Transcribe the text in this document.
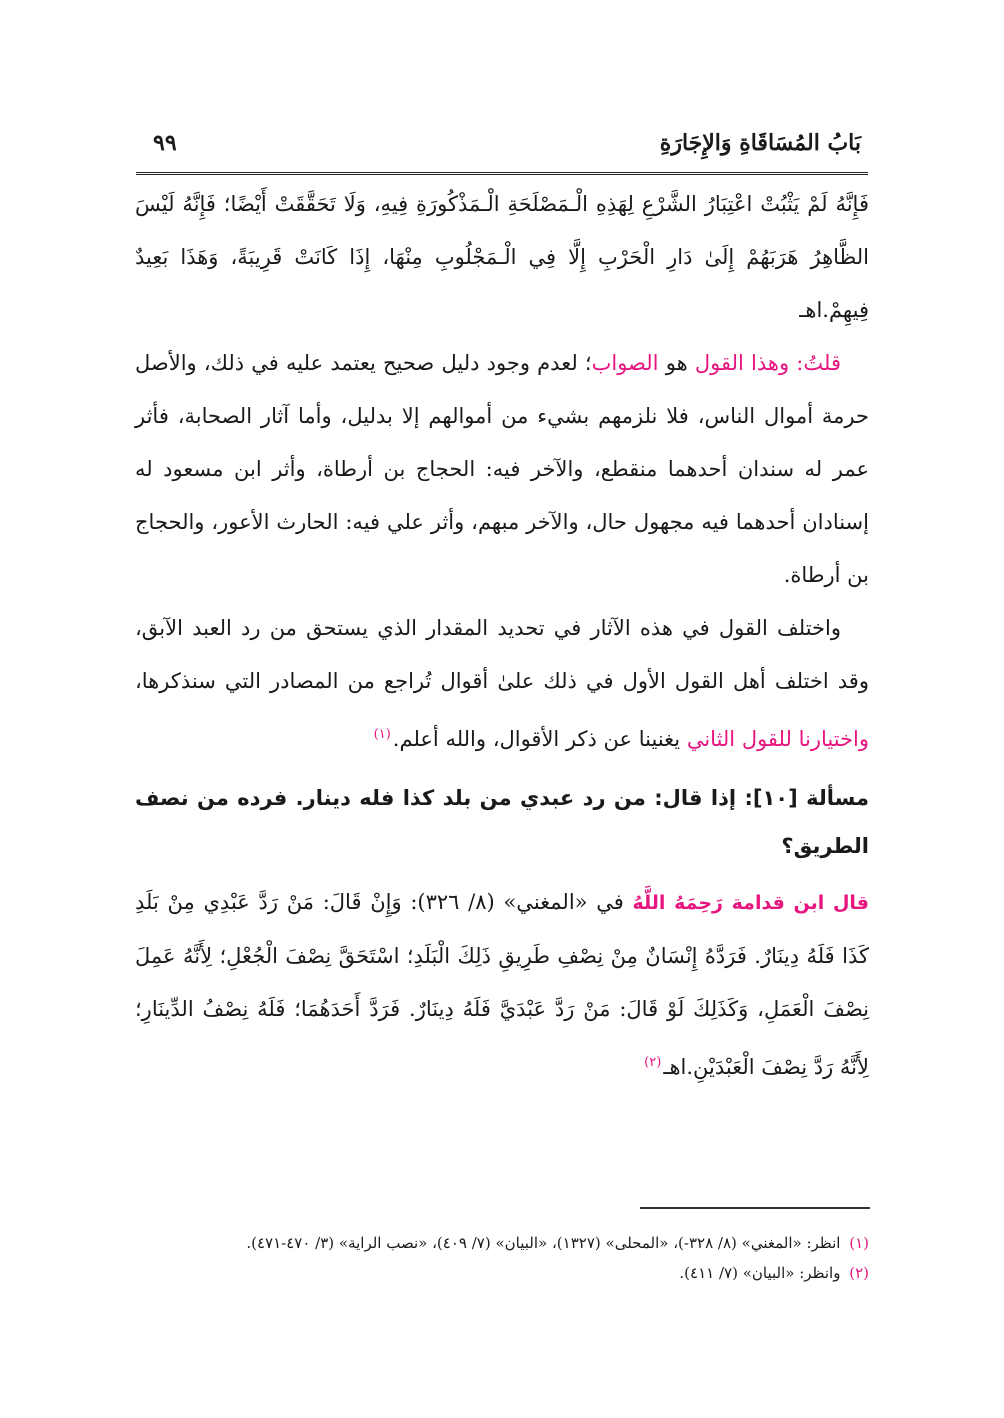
بَابُ المُسَاقَاةِ وَالإِجَارَةِ
٩٩

فَإِنَّهُ لَمْ يَثْبُتْ اعْتِبَارُ الشَّرْعِ لِهَذِهِ الْـمَصْلَحَةِ الْـمَذْكُورَةِ فِيهِ، وَلَا تَحَقَّقَتْ أَيْضًا؛ فَإِنَّهُ لَيْسَ الظَّاهِرُ هَرَبَهُمْ إِلَىٰ دَارِ الْحَرْبِ إِلَّا فِي الْـمَجْلُوبِ مِنْهَا، إِذَا كَانَتْ قَرِيبَةً، وَهَذَا بَعِيدٌ فِيهِمْ.اهـ

قلتُ: وهذا القول هو الصواب؛ لعدم وجود دليل صحيح يعتمد عليه في ذلك، والأصل حرمة أموال الناس، فلا نلزمهم بشيء من أموالهم إلا بدليل، وأما آثار الصحابة، فأثر عمر له سندان أحدهما منقطع، والآخر فيه: الحجاج بن أرطاة، وأثر ابن مسعود له إسنادان أحدهما فيه مجهول حال، والآخر مبهم، وأثر علي فيه: الحارث الأعور، والحجاج بن أرطاة.

واختلف القول في هذه الآثار في تحديد المقدار الذي يستحق من رد العبد الآبق، وقد اختلف أهل القول الأول في ذلك علىٰ أقوال تُراجع من المصادر التي سنذكرها، واختيارنا للقول الثاني يغنينا عن ذكر الأقوال، والله أعلم.$^{(١)}$

مسألة [١٠]: إذا قال: من رد عبدي من بلد كذا فله دينار. فرده من نصف الطريق؟

قال ابن قدامة رَحِمَهُ اللَّهُ في «المغني» (٨/ ٣٢٦): وَإِنْ قَالَ: مَنْ رَدَّ عَبْدِي مِنْ بَلَدِ كَذَا فَلَهُ دِينَارٌ. فَرَدَّهُ إِنْسَانٌ مِنْ نِصْفِ طَرِيقِ ذَلِكَ الْبَلَدِ؛ اسْتَحَقَّ نِصْفَ الْجُعْلِ؛ لِأَنَّهُ عَمِلَ نِصْفَ الْعَمَلِ، وَكَذَلِكَ لَوْ قَالَ: مَنْ رَدَّ عَبْدَيَّ فَلَهُ دِينَارٌ. فَرَدَّ أَحَدَهُمَا؛ فَلَهُ نِصْفُ الدِّينَارِ؛ لِأَنَّهُ رَدَّ نِصْفَ الْعَبْدَيْنِ.اهـ$^{(٢)}$

(١) انظر: «المغني» (٨/ ٣٢٨-)، «المحلى» (١٣٢٧)، «البيان» (٧/ ٤٠٩)، «نصب الراية» (٣/ ٤٧٠-٤٧١).

(٢) وانظر: «البيان» (٧/ ٤١١).
